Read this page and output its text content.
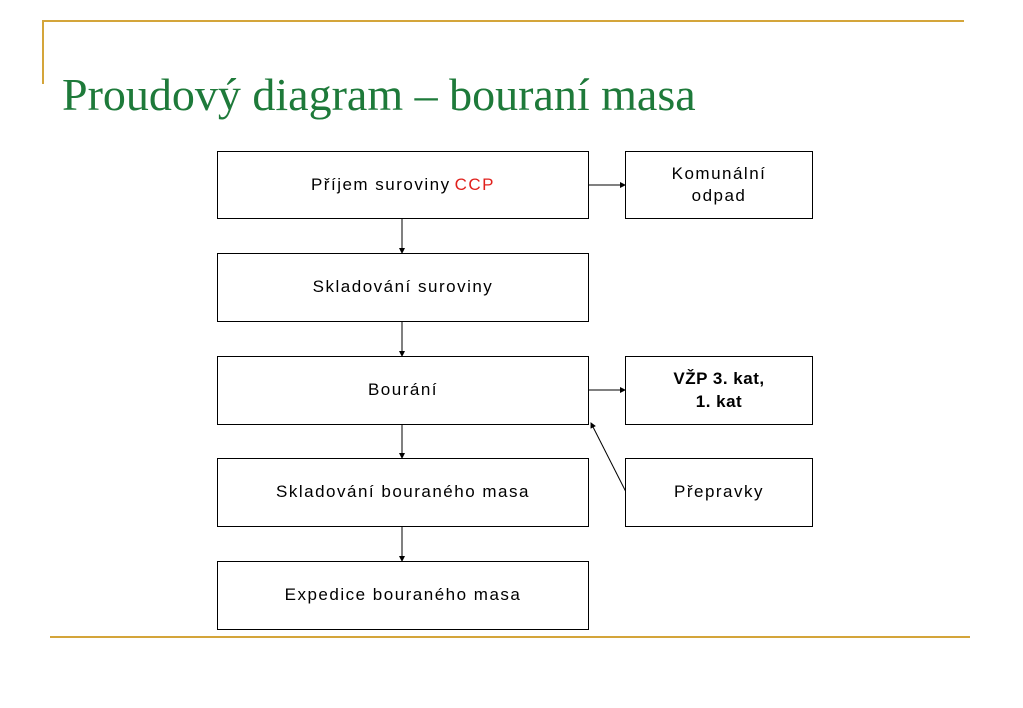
Proudový diagram – bouraní masa
Příjem suroviny CCP
Skladování suroviny
Bourání
Skladování bouraného masa
Expedice bouraného masa
Komunální
odpad
VŽP 3. kat,
1. kat
Přepravky
